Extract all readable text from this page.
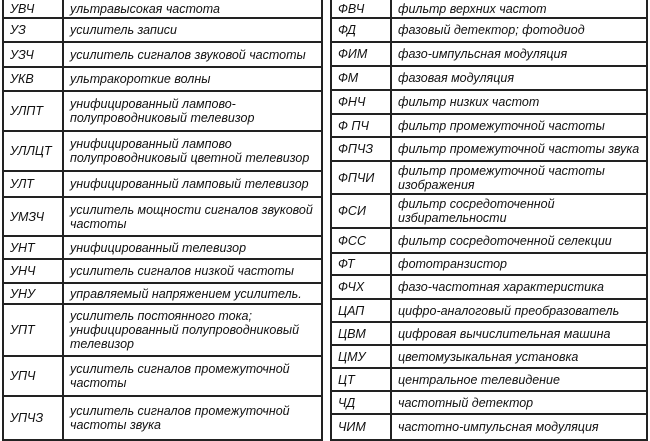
УВЧ	ультравысокая частота
УЗ	усилитель записи
УЗЧ	усилитель сигналов звуковой частоты
УКВ	ультракороткие волны
УЛПТ	унифицированный лампово-полупроводниковый телевизор
УЛЛЦТ	унифицированный лампово полупроводниковый цветной телевизор
УЛТ	унифицированный ламповый телевизор
УМЗЧ	усилитель мощности сигналов звуковой частоты
УНТ	унифицированный телевизор
УНЧ	усилитель сигналов низкой частоты
УНУ	управляемый напряжением усилитель.
УПТ	усилитель постоянного тока; унифицированный полупроводниковый телевизор
УПЧ	усилитель сигналов промежуточной частоты
УПЧЗ	усилитель сигналов промежуточной частоты звука
ФВЧ	фильтр верхних частот
ФД	фазовый детектор; фотодиод
ФИМ	фазо-импульсная модуляция
ФМ	фазовая модуляция
ФНЧ	фильтр низких частот
Ф ПЧ	фильтр промежуточной частоты
ФПЧЗ	фильтр промежуточной частоты звука
ФПЧИ	фильтр промежуточной частоты изображения
ФСИ	фильтр сосредоточенной избирательности
ФСС	фильтр сосредоточенной селекции
ФТ	фототранзистор
ФЧХ	фазо-частотная характеристика
ЦАП	цифро-аналоговый преобразователь
ЦВМ	цифровая вычислительная машина
ЦМУ	цветомузыкальная установка
ЦТ	центральное телевидение
ЧД	частотный детектор
ЧИМ	частотно-импульсная модуляция
